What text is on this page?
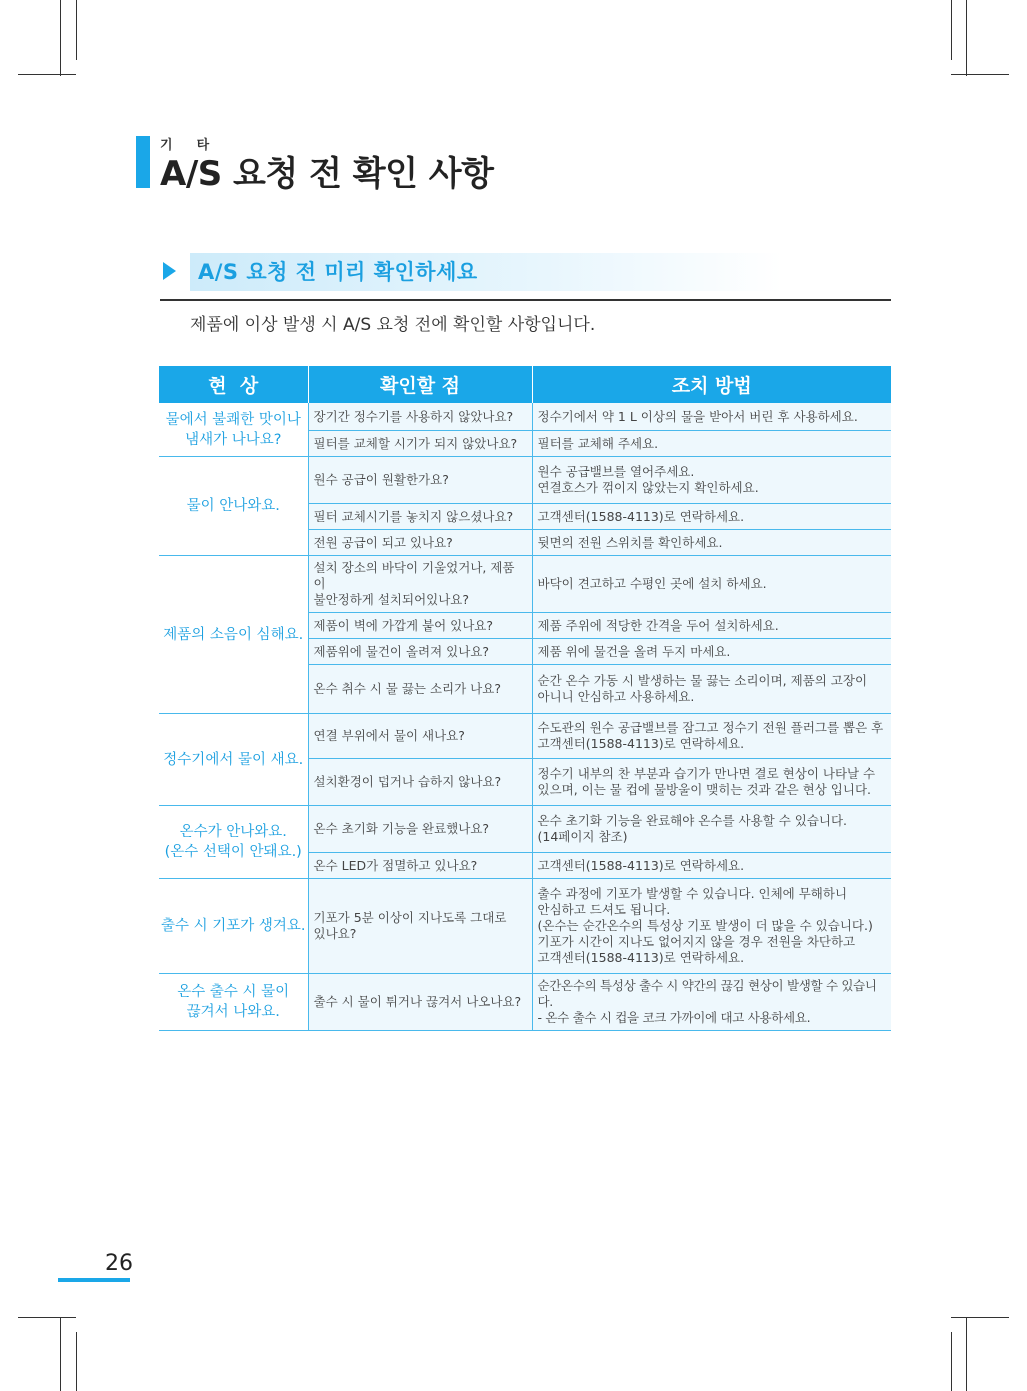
기 타
A/S 요청 전 확인 사항
A/S 요청 전 미리 확인하세요
제품에 이상 발생 시 A/S 요청 전에 확인할 사항입니다.
현  상	확인할 점	조치 방법

물에서 불쾌한 맛이나
냄새가 나나요?	장기간 정수기를 사용하지 않았나요?	정수기에서 약 1 L 이상의 물을 받아서 버린 후 사용하세요.

	필터를 교체할 시기가 되지 않았나요?	필터를 교체해 주세요.

물이 안나와요.	원수 공급이 원활한가요?	원수 공급밸브를 열어주세요.
연결호스가 꺾이지 않았는지 확인하세요.

	필터 교체시기를 놓치지 않으셨나요?	고객센터(1588-4113)로 연락하세요.

	전원 공급이 되고 있나요?	뒷면의 전원 스위치를 확인하세요.

제품의 소음이 심해요.	설치 장소의 바닥이 기울었거나, 제품이
불안정하게 설치되어있나요?	바닥이 견고하고 수평인 곳에 설치 하세요.

	제품이 벽에 가깝게 붙어 있나요?	제품 주위에 적당한 간격을 두어 설치하세요.

	제품위에 물건이 올려져 있나요?	제품 위에 물건을 올려 두지 마세요.

	온수 취수 시 물 끓는 소리가 나요?	순간 온수 가동 시 발생하는 물 끓는 소리이며, 제품의 고장이
아니니 안심하고 사용하세요.

정수기에서 물이 새요.	연결 부위에서 물이 새나요?	수도관의 원수 공급밸브를 잠그고 정수기 전원 플러그를 뽑은 후
고객센터(1588-4113)로 연락하세요.

	설치환경이 덥거나 습하지 않나요?	정수기 내부의 찬 부분과 습기가 만나면 결로 현상이 나타날 수
있으며, 이는 물 컵에 물방울이 맺히는 것과 같은 현상 입니다.

온수가 안나와요.
(온수 선택이 안돼요.)	온수 초기화 기능을 완료했나요?	온수 초기화 기능을 완료해야 온수를 사용할 수 있습니다.
(14페이지 참조)

	온수 LED가 점멸하고 있나요?	고객센터(1588-4113)로 연락하세요.

출수 시 기포가 생겨요.	기포가 5분 이상이 지나도록 그대로
있나요?	출수 과정에 기포가 발생할 수 있습니다. 인체에 무해하니
안심하고 드셔도 됩니다.
(온수는 순간온수의 특성상 기포 발생이 더 많을 수 있습니다.)
기포가 시간이 지나도 없어지지 않을 경우 전원을 차단하고
고객센터(1588-4113)로 연락하세요.

온수 출수 시 물이
끊겨서 나와요.	출수 시 물이 튀거나 끊겨서 나오나요?	순간온수의 특성상 출수 시 약간의 끊김 현상이 발생할 수 있습니다.
- 온수 출수 시 컵을 코크 가까이에 대고 사용하세요.
26
